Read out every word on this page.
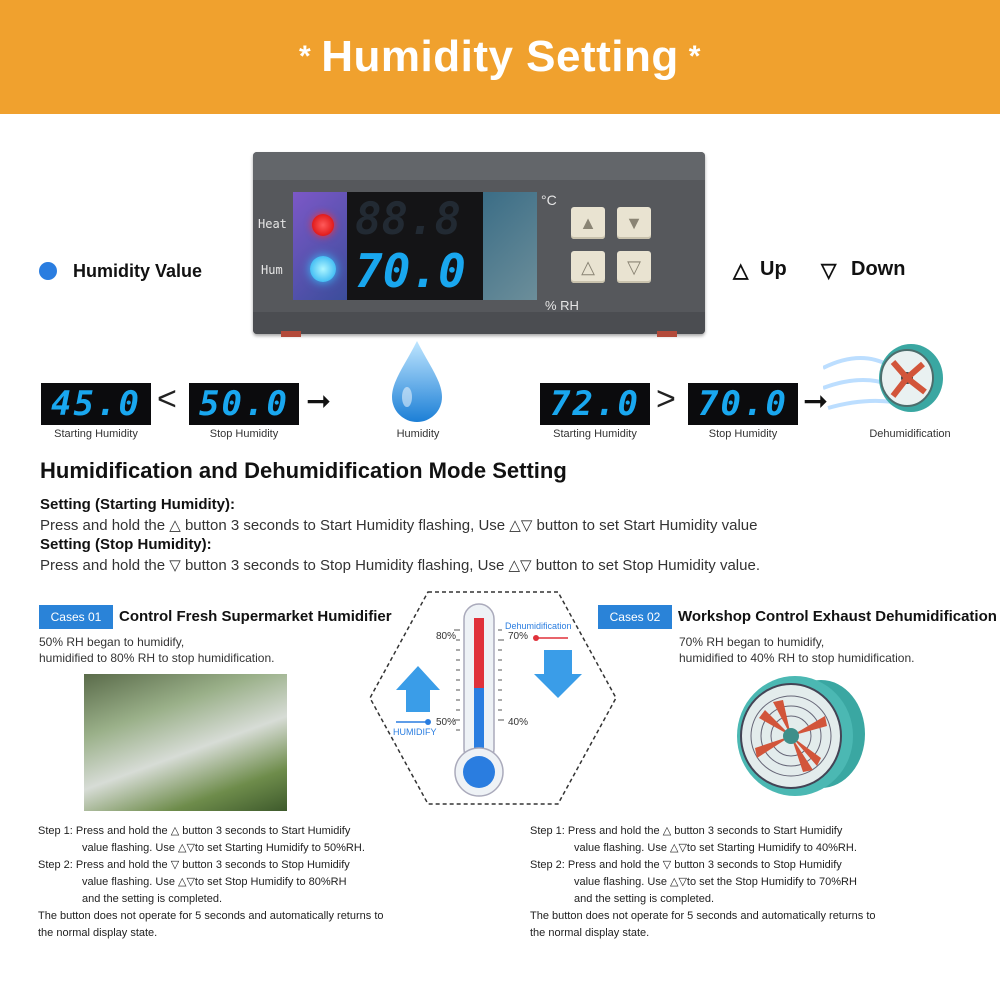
* Humidity Setting *
Humidity Value
Heat
Hum
°C
% RH
88.8
70.0
▲	▼
△	▽	△ Up ▽ Down
45.0
Starting Humidity
< 50.0
Stop Humidity
➞
Humidity
72.0
Starting Humidity
> 70.0
Stop Humidity
➞
Dehumidification
Humidification and Dehumidification Mode Setting
Setting (Starting Humidity):
Press and hold the △ button 3 seconds to Start Humidity flashing, Use △▽ button to set Start Humidity value
Setting (Stop Humidity):
Press and hold the ▽ button 3 seconds to Stop Humidity flashing, Use △▽ button to set Stop Humidity value.
Cases 01	Control Fresh Supermarket Humidifier
50% RH began to humidify,
humidified to 80% RH to stop humidification.
Step 1: Press and hold the △ button 3 seconds to Start Humidify
value flashing. Use △▽to set Starting Humidify to 50%RH.
Step 2: Press and hold the ▽ button 3 seconds to Stop Humidify
value flashing. Use △▽to set Stop Humidify to 80%RH
and the setting is completed.
The button does not operate for 5 seconds and automatically returns to
the normal display state.
80%	70%
Dehumidification
50%	40%
HUMIDIFY
Cases 02	Workshop Control Exhaust Dehumidification
70% RH began to humidify,
humidified to 40% RH to stop humidification.
Step 1: Press and hold the △ button 3 seconds to Start Humidify
value flashing. Use △▽to set Starting Humidify to 40%RH.
Step 2: Press and hold the ▽ button 3 seconds to Stop Humidify
value flashing. Use △▽to set the Stop Humidify to 70%RH
and the setting is completed.
The button does not operate for 5 seconds and automatically returns to
the normal display state.
